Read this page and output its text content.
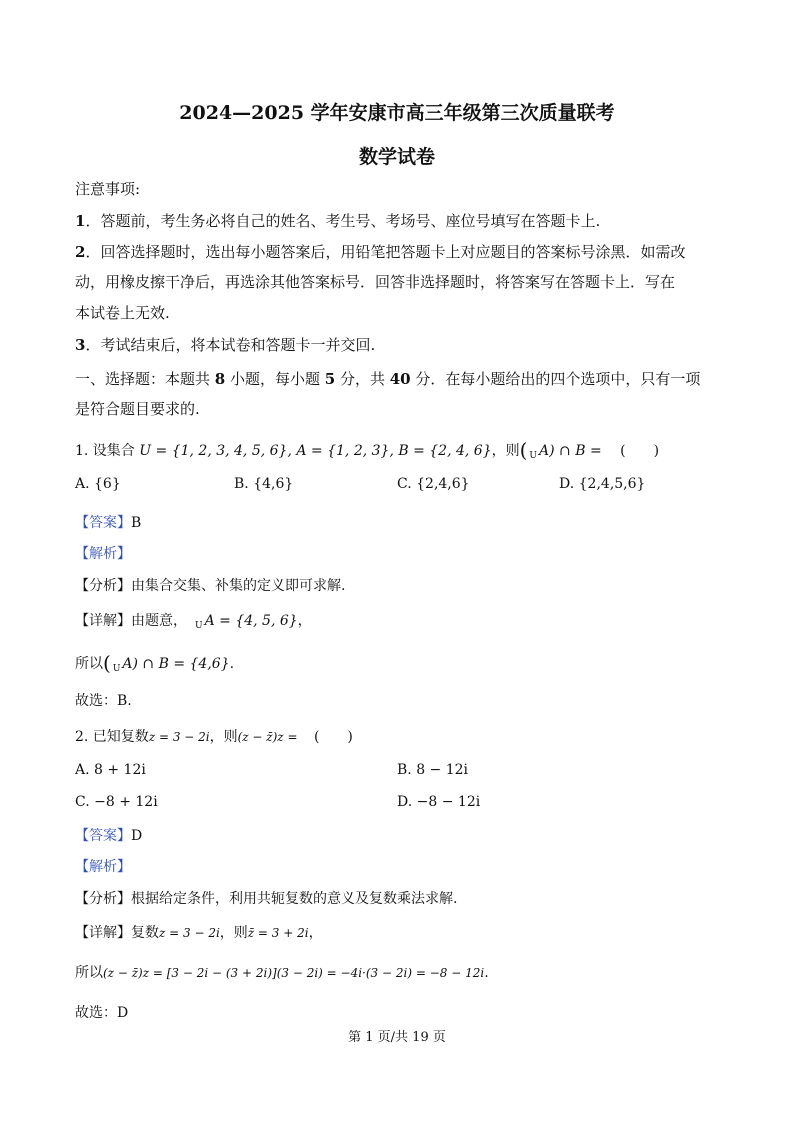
2024—2025 学年安康市高三年级第三次质量联考
数学试卷
注意事项:
1．答题前，考生务必将自己的姓名、考生号、考场号、座位号填写在答题卡上.
2．回答选择题时，选出每小题答案后，用铅笔把答题卡上对应题目的答案标号涂黑．如需改
动，用橡皮擦干净后，再选涂其他答案标号．回答非选择题时，将答案写在答题卡上．写在
本试卷上无效.
3．考试结束后，将本试卷和答题卡一并交回.
一、选择题：本题共 8 小题，每小题 5 分，共 40 分．在每小题给出的四个选项中，只有一项
是符合题目要求的.
1. 设集合 U = {1, 2, 3, 4, 5, 6}, A = {1, 2, 3}, B = {2, 4, 6}，则( $_U$ A) ∩ B = (　　)
A. {6}	B. {4,6}	C. {2,4,6}	D. {2,4,5,6}
【答案】B
【解析】
【分析】由集合交集、补集的定义即可求解.
【详解】由题意， $_U$ A = {4, 5, 6}，
所以( $_U$ A) ∩ B = {4,6}.
故选：B.
2. 已知复数z = 3 − 2i，则(z − z̄)z = (　　)
A. 8 + 12i	B. 8 − 12i
C. −8 + 12i	D. −8 − 12i
【答案】D
【解析】
【分析】根据给定条件，利用共轭复数的意义及复数乘法求解.
【详解】复数z = 3 − 2i，则z̄ = 3 + 2i，
所以(z − z̄)z = [3 − 2i − (3 + 2i)](3 − 2i) = −4i·(3 − 2i) = −8 − 12i.
故选：D
第 1 页/共 19 页
